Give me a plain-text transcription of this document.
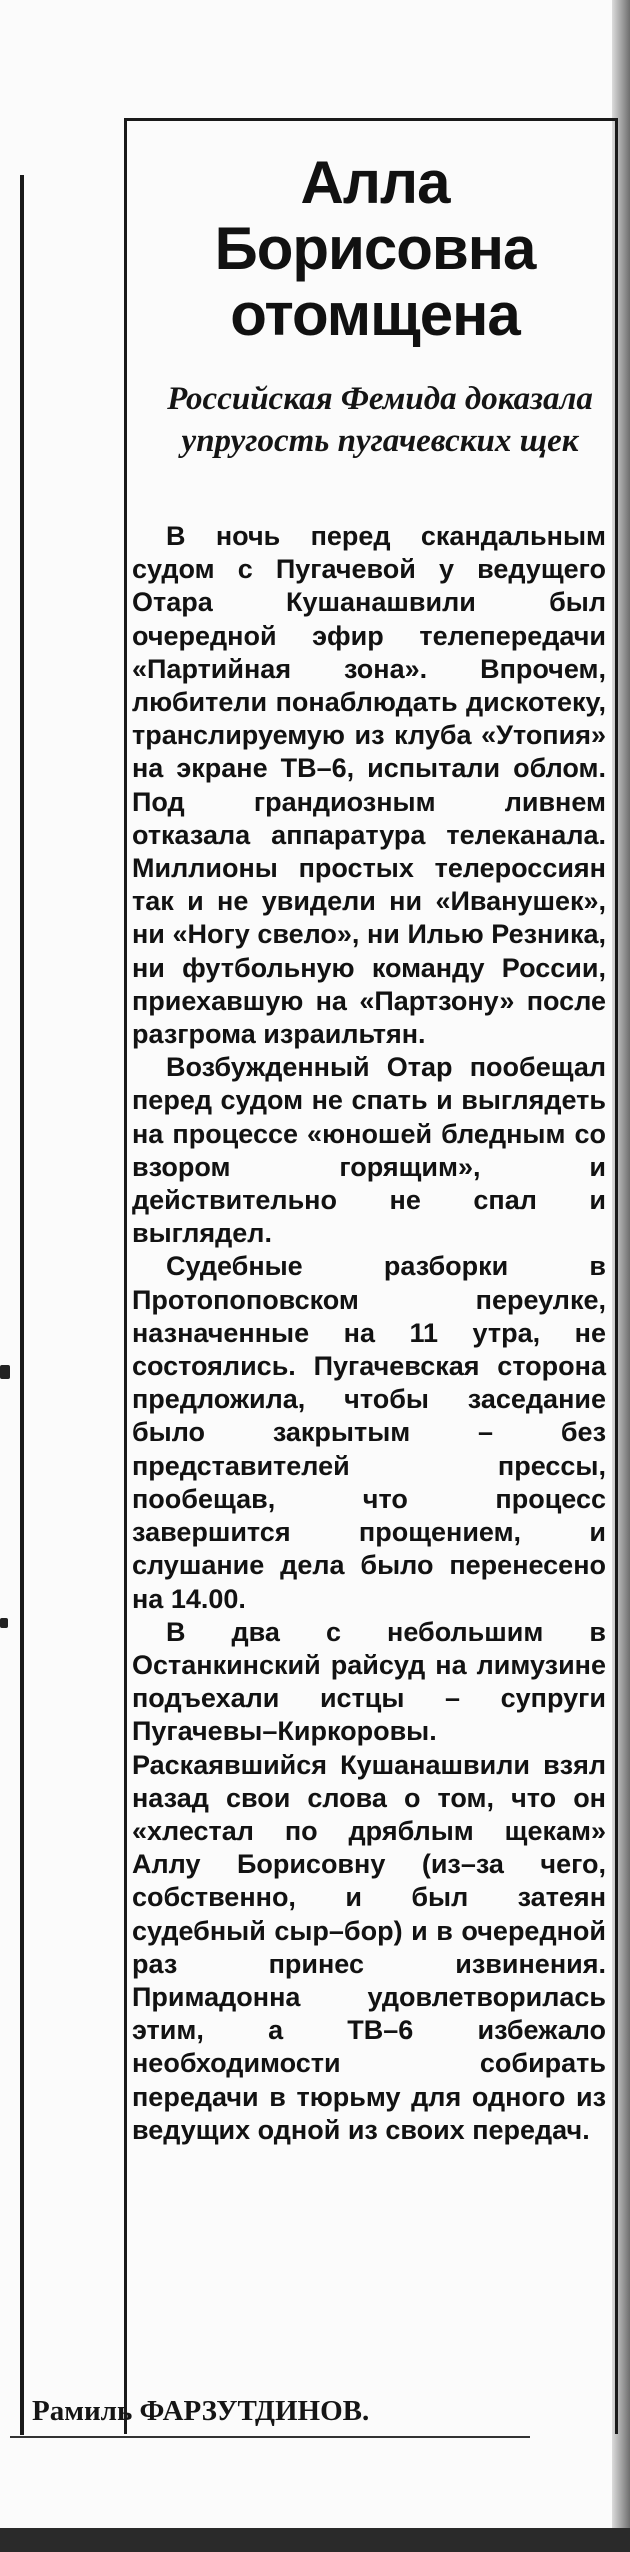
Алла Борисовна отомщена
Российская Фемида доказала упругость пугачевских щек

В ночь перед скандальным судом с Пугачевой у ведущего Отара Кушанашвили был очередной эфир телепередачи «Партийная зона». Впрочем, любители понаблюдать дискотеку, транслируемую из клуба «Утопия» на экране ТВ–6, испытали облом. Под грандиозным ливнем отказала аппаратура телеканала. Миллионы простых телероссиян так и не увидели ни «Иванушек», ни «Ногу свело», ни Илью Резника, ни футбольную команду России, приехавшую на «Партзону» после разгрома израильтян.

Возбужденный Отар пообещал перед судом не спать и выглядеть на процессе «юношей бледным со взором горящим», и действительно не спал и выглядел.

Судебные разборки в Протопоповском переулке, назначенные на 11 утра, не состоялись. Пугачевская сторона предложила, чтобы заседание было закрытым – без представителей прессы, пообещав, что процесс завершится прощением, и слушание дела было перенесено на 14.00.

В два с небольшим в Останкинский райсуд на лимузине подъехали истцы – супруги Пугачевы–Киркоровы. Раскаявшийся Кушанашвили взял назад свои слова о том, что он «хлестал по дряблым щекам» Аллу Борисовну (из–за чего, собственно, и был затеян судебный сыр–бор) и в очередной раз принес извинения. Примадонна удовлетворилась этим, а ТВ–6 избежало необходимости собирать передачи в тюрьму для одного из ведущих одной из своих передач.

Рамиль ФАРЗУТДИНОВ.
